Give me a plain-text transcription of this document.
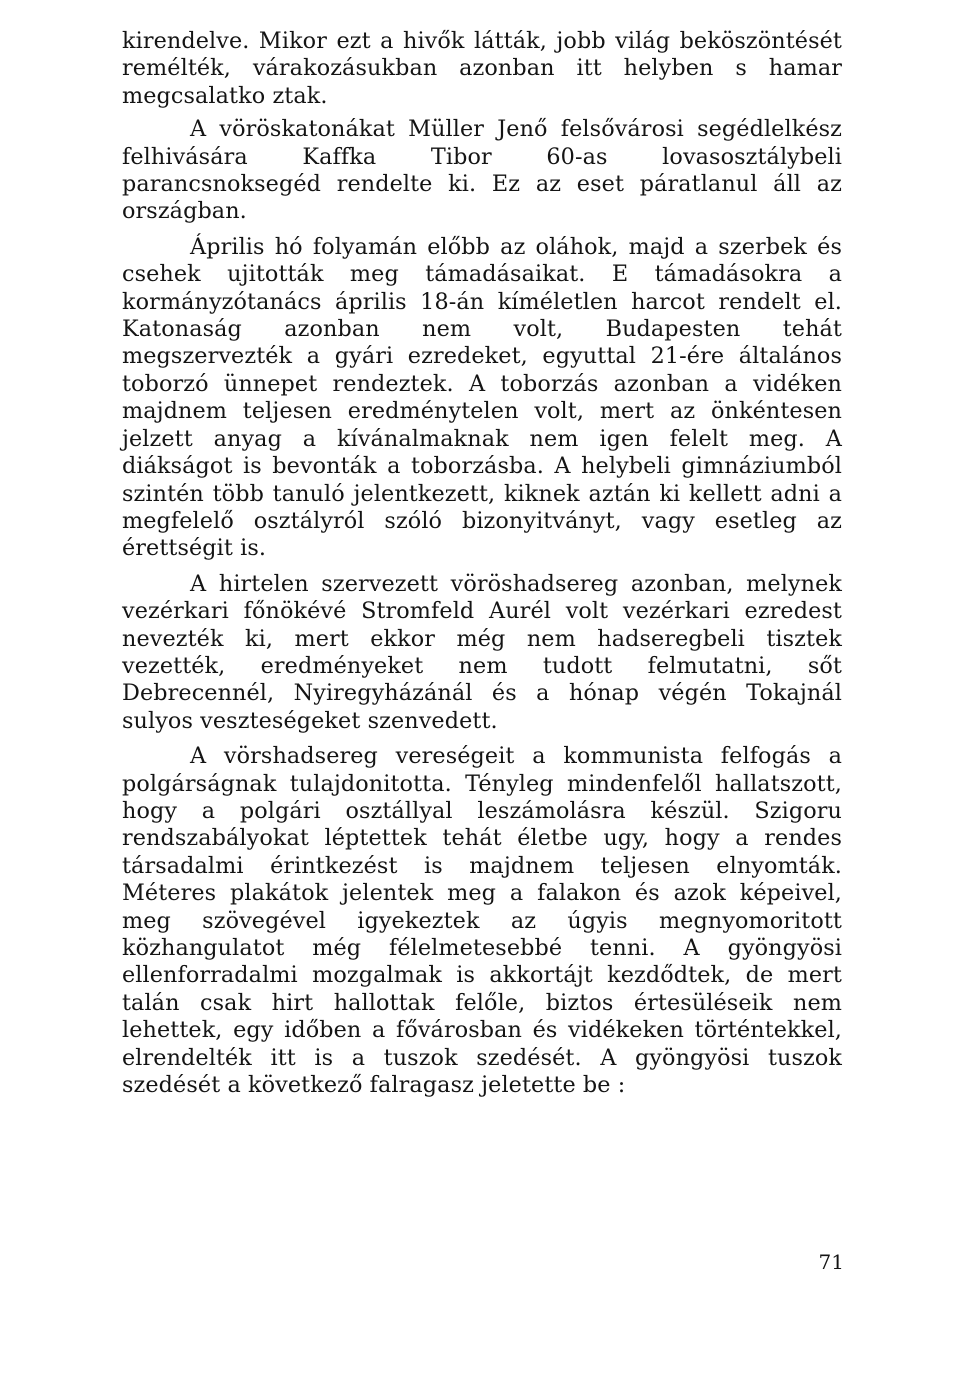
kirendelve. Mikor ezt a hivők látták, jobb világ beköszöntését remélték, várakozásukban azonban itt helyben s hamar megcsalatko ztak.

A vöröskatonákat Müller Jenő felsővárosi segédlelkész felhivására Kaffka Tibor 60-as lovasosztálybeli parancsnoksegéd rendelte ki. Ez az eset páratlanul áll az országban.

Április hó folyamán előbb az oláhok, majd a szerbek és csehek ujitották meg támadásaikat. E támadásokra a kormányzótanács április 18-án kíméletlen harcot rendelt el. Katonaság azonban nem volt, Budapesten tehát megszervezték a gyári ezredeket, egyuttal 21-ére általános toborzó ünnepet rendeztek. A toborzás azonban a vidéken majdnem teljesen eredménytelen volt, mert az önkéntesen jelzett anyag a kívánalmaknak nem igen felelt meg. A diákságot is bevonták a toborzásba. A helybeli gimnáziumból szintén több tanuló jelentkezett, kiknek aztán ki kellett adni a megfelelő osztályról szóló bizonyitványt, vagy esetleg az érettségit is.

A hirtelen szervezett vöröshadsereg azonban, melynek vezérkari főnökévé Stromfeld Aurél volt vezérkari ezredest nevezték ki, mert ekkor még nem hadseregbeli tisztek vezették, eredményeket nem tudott felmutatni, sőt Debrecennél, Nyiregyházánál és a hónap végén Tokajnál sulyos veszteségeket szenvedett.

A vörshadsereg vereségeit a kommunista felfogás a polgárságnak tulajdonitotta. Tényleg mindenfelől hallatszott, hogy a polgári osztállyal leszámolásra készül. Szigoru rendszabályokat léptettek tehát életbe ugy, hogy a rendes társadalmi érintkezést is majdnem teljesen elnyomták. Méteres plakátok jelentek meg a falakon és azok képeivel, meg szövegével igyekeztek az úgyis megnyomoritott közhangulatot még félelmetesebbé tenni. A gyöngyösi ellenforradalmi mozgalmak is akkortájt kezdődtek, de mert talán csak hirt hallottak felőle, biztos értesüléseik nem lehettek, egy időben a fővárosban és vidékeken történtekkel, elrendelték itt is a tuszok szedését. A gyöngyösi tuszok szedését a következő falragasz jeletette be :

71
